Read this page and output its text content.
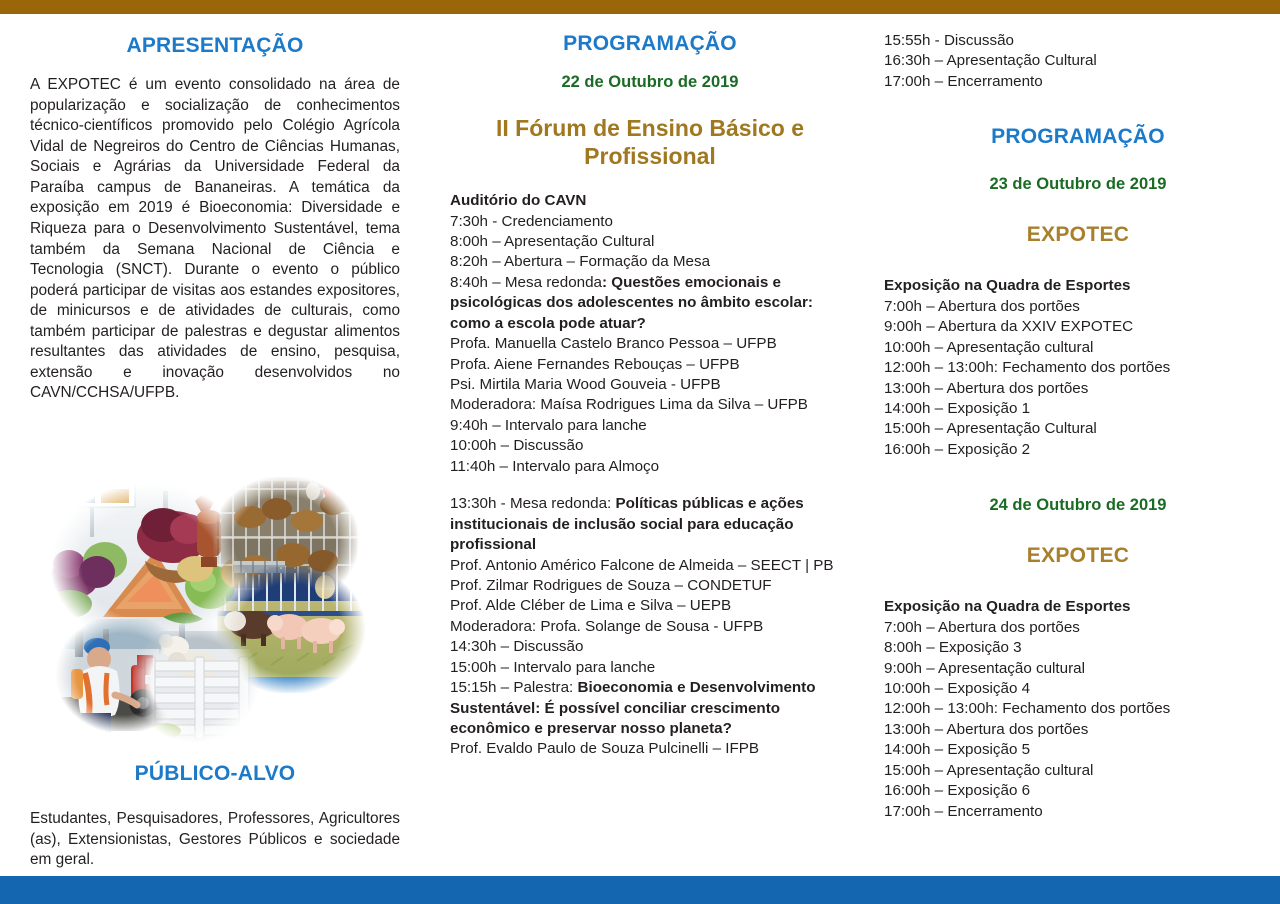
APRESENTAÇÃO
A EXPOTEC é um evento consolidado na área de popularização e socialização de conhecimentos técnico-científicos promovido pelo Colégio Agrícola Vidal de Negreiros do Centro de Ciências Humanas, Sociais e Agrárias da Universidade Federal da Paraíba campus de Bananeiras. A temática da exposição em 2019 é Bioeconomia: Diversidade e Riqueza para o Desenvolvimento Sustentável, tema também da Semana Nacional de Ciência e Tecnologia (SNCT). Durante o evento o público poderá participar de visitas aos estandes expositores, de minicursos e de atividades de culturais, como também participar de palestras e degustar alimentos resultantes das atividades de ensino, pesquisa, extensão e inovação desenvolvidos no CAVN/CCHSA/UFPB.
PÚBLICO-ALVO
Estudantes, Pesquisadores, Professores, Agricultores (as), Extensionistas, Gestores Públicos e sociedade em geral.
PROGRAMAÇÃO
22 de Outubro de 2019
II Fórum de Ensino Básico e Profissional
Auditório do CAVN
7:30h - Credenciamento
8:00h – Apresentação Cultural
8:20h – Abertura – Formação da Mesa
8:40h – Mesa redonda: Questões emocionais e psicológicas dos adolescentes no âmbito escolar: como a escola pode atuar?
Profa. Manuella Castelo Branco Pessoa – UFPB
Profa. Aiene Fernandes Rebouças – UFPB
Psi. Mirtila Maria Wood Gouveia - UFPB
Moderadora: Maísa Rodrigues Lima da Silva – UFPB
9:40h – Intervalo para lanche
10:00h – Discussão
11:40h – Intervalo para Almoço
13:30h - Mesa redonda: Políticas públicas e ações institucionais de inclusão social para educação profissional
Prof. Antonio Américo Falcone de Almeida – SEECT | PB
Prof. Zilmar Rodrigues de Souza – CONDETUF
Prof. Alde Cléber de Lima e Silva – UEPB
Moderadora: Profa. Solange de Sousa - UFPB
14:30h – Discussão
15:00h – Intervalo para lanche
15:15h – Palestra: Bioeconomia e Desenvolvimento Sustentável: É possível conciliar crescimento econômico e preservar nosso planeta?
Prof. Evaldo Paulo de Souza Pulcinelli – IFPB
15:55h - Discussão
16:30h – Apresentação Cultural
17:00h – Encerramento
PROGRAMAÇÃO
23 de Outubro de 2019
EXPOTEC
Exposição na Quadra de Esportes
7:00h – Abertura dos portões
9:00h – Abertura da XXIV EXPOTEC
10:00h – Apresentação cultural
12:00h – 13:00h: Fechamento dos portões
13:00h – Abertura dos portões
14:00h – Exposição 1
15:00h – Apresentação Cultural
16:00h – Exposição 2
24 de Outubro de 2019
EXPOTEC
Exposição na Quadra de Esportes
7:00h – Abertura dos portões
8:00h – Exposição 3
9:00h – Apresentação cultural
10:00h – Exposição 4
12:00h – 13:00h: Fechamento dos portões
13:00h – Abertura dos portões
14:00h – Exposição 5
15:00h – Apresentação cultural
16:00h – Exposição 6
17:00h – Encerramento
